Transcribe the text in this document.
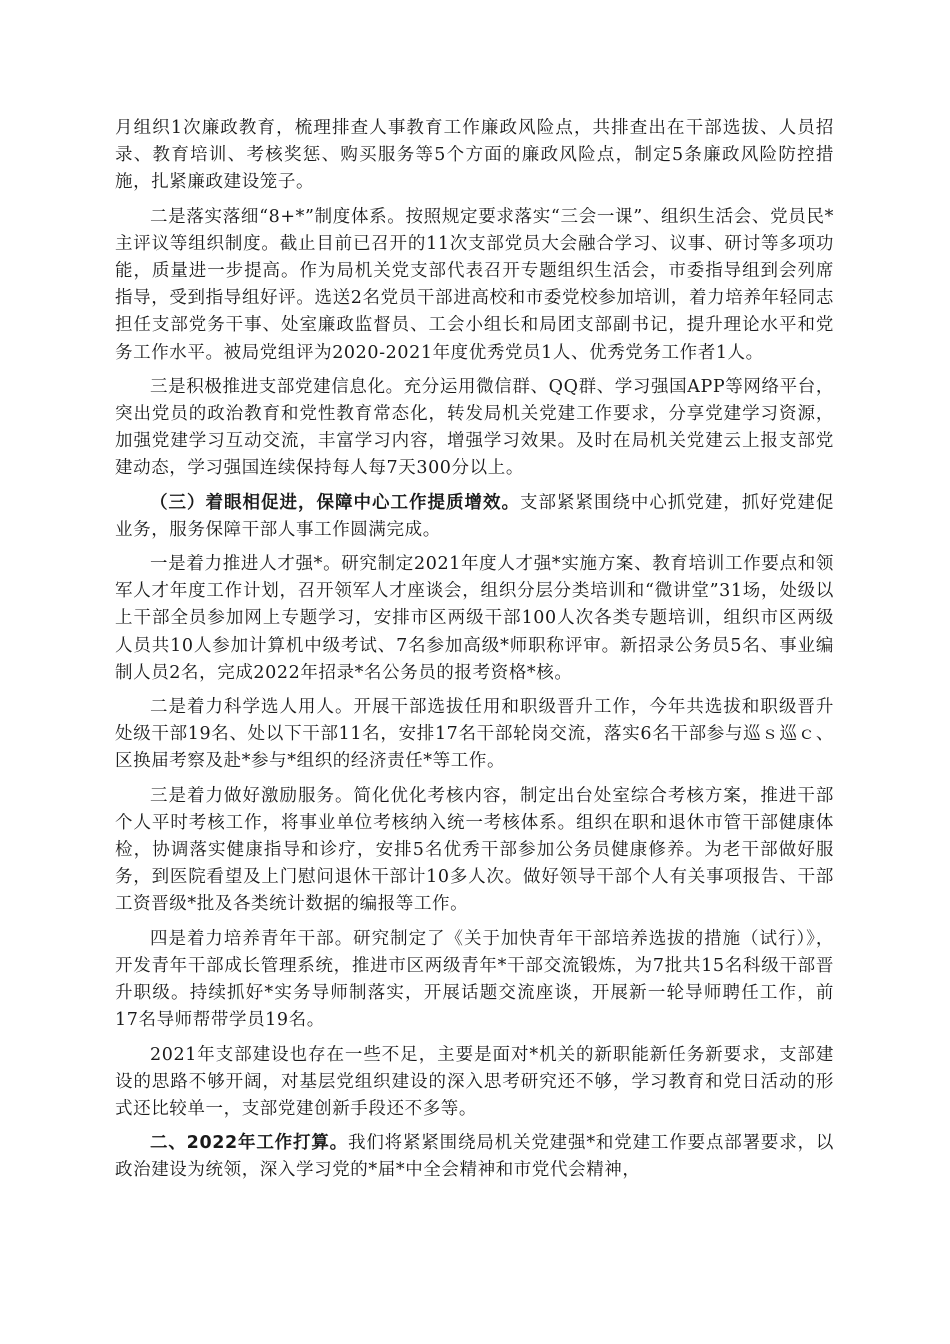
月组织1次廉政教育，梳理排查人事教育工作廉政风险点，共排查出在干部选拔、人员招录、教育培训、考核奖惩、购买服务等5个方面的廉政风险点，制定5条廉政风险防控措施，扎紧廉政建设笼子。

二是落实落细“8+*”制度体系。按照规定要求落实“三会一课”、组织生活会、党员民*主评议等组织制度。截止目前已召开的11次支部党员大会融合学习、议事、研讨等多项功能，质量进一步提高。作为局机关党支部代表召开专题组织生活会，市委指导组到会列席指导，受到指导组好评。选送2名党员干部进高校和市委党校参加培训，着力培养年轻同志担任支部党务干事、处室廉政监督员、工会小组长和局团支部副书记，提升理论水平和党务工作水平。被局党组评为2020-2021年度优秀党员1人、优秀党务工作者1人。

三是积极推进支部党建信息化。充分运用微信群、QQ群、学习强国APP等网络平台，突出党员的政治教育和党性教育常态化，转发局机关党建工作要求，分享党建学习资源，加强党建学习互动交流，丰富学习内容，增强学习效果。及时在局机关党建云上报支部党建动态，学习强国连续保持每人每7天300分以上。

（三）着眼相促进，保障中心工作提质增效。支部紧紧围绕中心抓党建，抓好党建促业务，服务保障干部人事工作圆满完成。

一是着力推进人才强*。研究制定2021年度人才强*实施方案、教育培训工作要点和领军人才年度工作计划，召开领军人才座谈会，组织分层分类培训和“微讲堂”31场，处级以上干部全员参加网上专题学习，安排市区两级干部100人次各类专题培训，组织市区两级人员共10人参加计算机中级考试、7名参加高级*师职称评审。新招录公务员5名、事业编制人员2名，完成2022年招录*名公务员的报考资格*核。

二是着力科学选人用人。开展干部选拔任用和职级晋升工作，今年共选拔和职级晋升处级干部19名、处以下干部11名，安排17名干部轮岗交流，落实6名干部参与巡ｓ巡ｃ、区换届考察及赴*参与*组织的经济责任*等工作。

三是着力做好激励服务。简化优化考核内容，制定出台处室综合考核方案，推进干部个人平时考核工作，将事业单位考核纳入统一考核体系。组织在职和退休市管干部健康体检，协调落实健康指导和诊疗，安排5名优秀干部参加公务员健康修养。为老干部做好服务，到医院看望及上门慰问退休干部计10多人次。做好领导干部个人有关事项报告、干部工资晋级*批及各类统计数据的编报等工作。

四是着力培养青年干部。研究制定了《关于加快青年干部培养选拔的措施（试行）》，开发青年干部成长管理系统，推进市区两级青年*干部交流锻炼，为7批共15名科级干部晋升职级。持续抓好*实务导师制落实，开展话题交流座谈，开展新一轮导师聘任工作，前17名导师帮带学员19名。

2021年支部建设也存在一些不足，主要是面对*机关的新职能新任务新要求，支部建设的思路不够开阔，对基层党组织建设的深入思考研究还不够，学习教育和党日活动的形式还比较单一，支部党建创新手段还不多等。

二、2022年工作打算。我们将紧紧围绕局机关党建强*和党建工作要点部署要求，以政治建设为统领，深入学习党的*届*中全会精神和市党代会精神，
